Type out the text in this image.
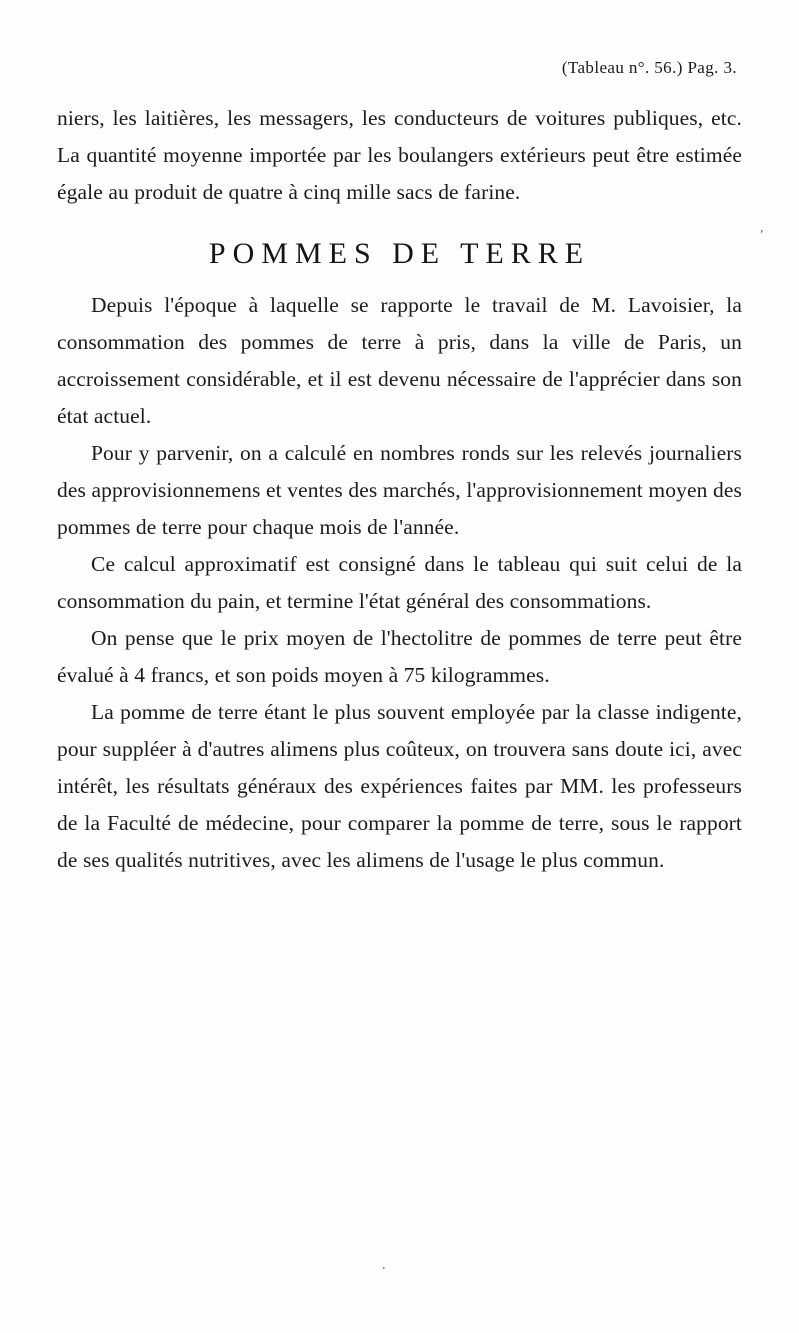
(Tableau n°. 56.) Pag. 3.
'

niers, les laitières, les messagers, les conducteurs de voitures publiques, etc. La quantité moyenne importée par les boulangers extérieurs peut être estimée égale au produit de quatre à cinq mille sacs de farine.

POMMES DE TERRE

Depuis l'époque à laquelle se rapporte le travail de M. Lavoisier, la consommation des pommes de terre à pris, dans la ville de Paris, un accroissement considérable, et il est devenu nécessaire de l'apprécier dans son état actuel.

Pour y parvenir, on a calculé en nombres ronds sur les relevés journaliers des approvisionnemens et ventes des marchés, l'approvisionnement moyen des pommes de terre pour chaque mois de l'année.

Ce calcul approximatif est consigné dans le tableau qui suit celui de la consommation du pain, et termine l'état général des consommations.

On pense que le prix moyen de l'hectolitre de pommes de terre peut être évalué à 4 francs, et son poids moyen à 75 kilogrammes.

La pomme de terre étant le plus souvent employée par la classe indigente, pour suppléer à d'autres alimens plus coûteux, on trouvera sans doute ici, avec intérêt, les résultats généraux des expériences faites par MM. les professeurs de la Faculté de médecine, pour comparer la pomme de terre, sous le rapport de ses qualités nutritives, avec les alimens de l'usage le plus commun.

.
